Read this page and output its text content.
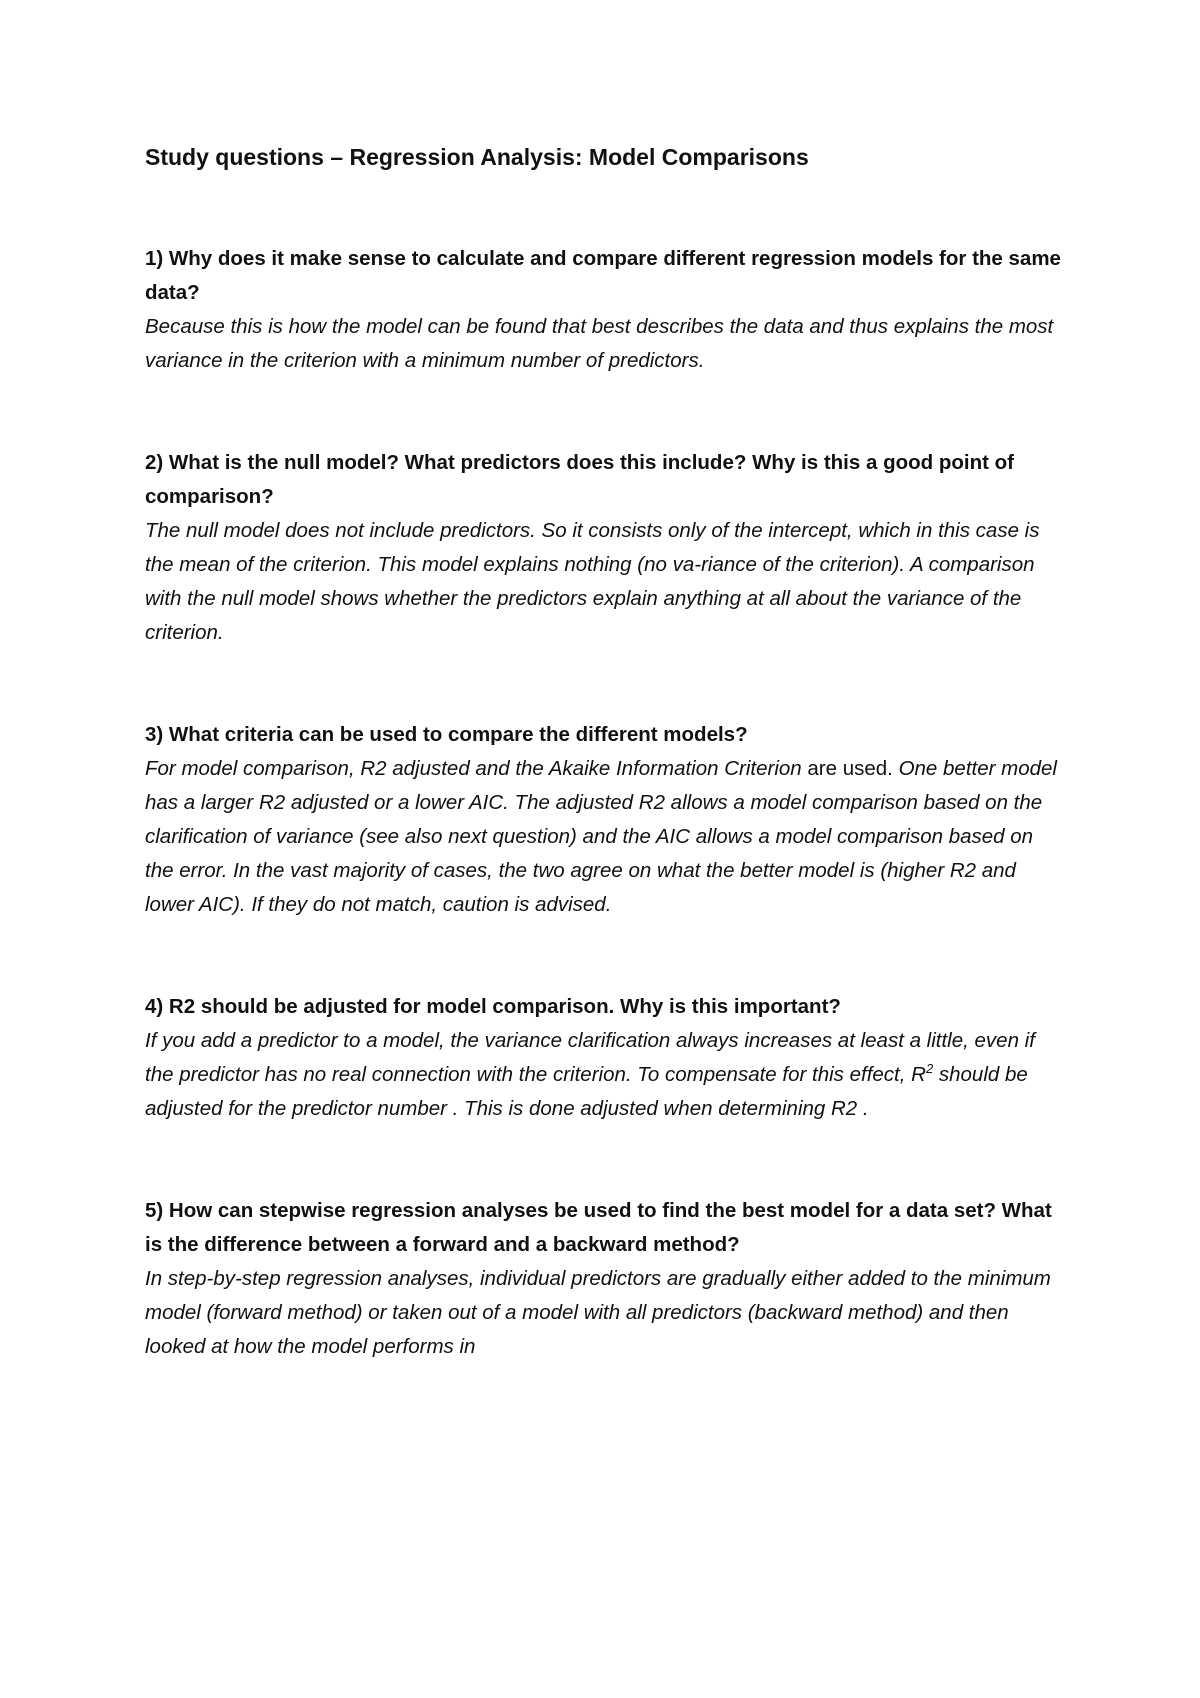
Study questions – Regression Analysis: Model Comparisons

1) Why does it make sense to calculate and compare different regression models for the same data?

Because this is how the model can be found that best describes the data and thus explains the most variance in the criterion with a minimum number of predictors.

2) What is the null model? What predictors does this include? Why is this a good point of comparison?

The null model does not include predictors. So it consists only of the intercept, which in this case is the mean of the criterion. This model explains nothing (no va-riance of the criterion). A comparison with the null model shows whether the predictors explain anything at all about the variance of the criterion.

3) What criteria can be used to compare the different models?

For model comparison, R2 adjusted and the Akaike Information Criterion are used. One better model has a larger R2 adjusted or a lower AIC. The adjusted R2 allows a model comparison based on the clarification of variance (see also next question) and the AIC allows a model comparison based on the error. In the vast majority of cases, the two agree on what the better model is (higher R2 and lower AIC). If they do not match, caution is advised.

4) R2 should be adjusted for model comparison. Why is this important?

If you add a predictor to a model, the variance clarification always increases at least a little, even if the predictor has no real connection with the criterion. To compensate for this effect, $R^2$ should be adjusted for the predictor number . This is done adjusted when determining R2 .

5) How can stepwise regression analyses be used to find the best model for a data set? What is the difference between a forward and a backward method?

In step-by-step regression analyses, individual predictors are gradually either added to the minimum model (forward method) or taken out of a model with all predictors (backward method) and then looked at how the model performs in
